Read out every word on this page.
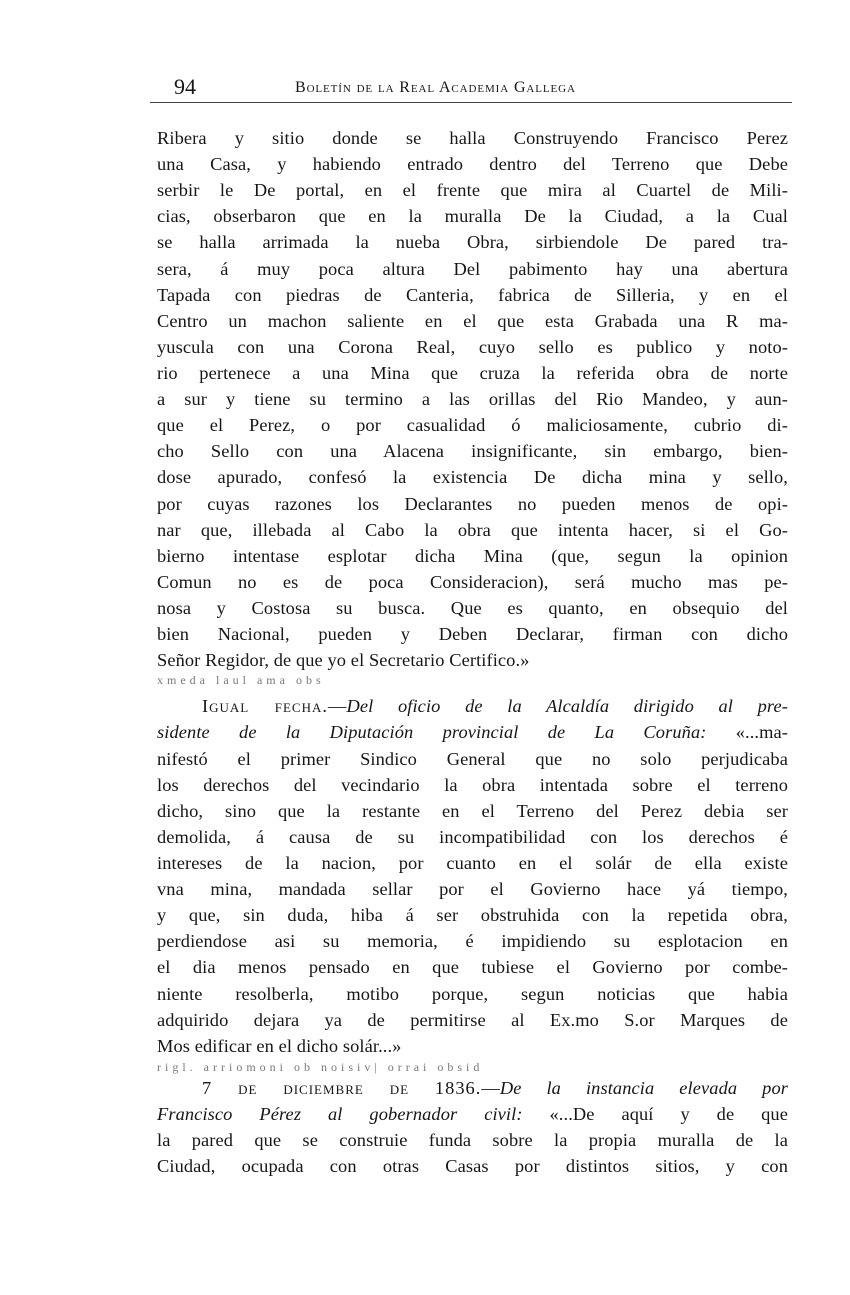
94	Boletín de la Real Academia Gallega
Ribera y sitio donde se halla Construyendo Francisco Perez
una Casa, y habiendo entrado dentro del Terreno que Debe
serbir le De portal, en el frente que mira al Cuartel de Mili-
cias, obserbaron que en la muralla De la Ciudad, a la Cual
se halla arrimada la nueba Obra, sirbiendole De pared tra-
sera, á muy poca altura Del pabimento hay una abertura
Tapada con piedras de Canteria, fabrica de Silleria, y en el
Centro un machon saliente en el que esta Grabada una R ma-
yuscula con una Corona Real, cuyo sello es publico y noto-
rio pertenece a una Mina que cruza la referida obra de norte
a sur y tiene su termino a las orillas del Rio Mandeo, y aun-
que el Perez, o por casualidad ó maliciosamente, cubrio di-
cho Sello con una Alacena insignificante, sin embargo, bien-
dose apurado, confesó la existencia De dicha mina y sello,
por cuyas razones los Declarantes no pueden menos de opi-
nar que, illebada al Cabo la obra que intenta hacer, si el Go-
bierno intentase esplotar dicha Mina (que, segun la opinion
Comun no es de poca Consideracion), será mucho mas pe-
nosa y Costosa su busca. Que es quanto, en obsequio del
bien Nacional, pueden y Deben Declarar, firman con dicho
Señor Regidor, de que yo el Secretario Certifico.»
xmeda laul ama obs
Igual fecha.—Del oficio de la Alcaldía dirigido al pre-
sidente de la Diputación provincial de La Coruña: «...ma-
nifestó el primer Sindico General que no solo perjudicaba
los derechos del vecindario la obra intentada sobre el terreno
dicho, sino que la restante en el Terreno del Perez debia ser
demolida, á causa de su incompatibilidad con los derechos é
intereses de la nacion, por cuanto en el solár de ella existe
vna mina, mandada sellar por el Govierno hace yá tiempo,
y que, sin duda, hiba á ser obstruhida con la repetida obra,
perdiendose asi su memoria, é impidiendo su esplotacion en
el dia menos pensado en que tubiese el Govierno por combe-
niente resolberla, motibo porque, segun noticias que habia
adquirido dejara ya de permitirse al Ex.mo S.or Marques de
Mos edificar en el dicho solár...»
rigl. arriomoni ob noisiv| orrai obsid
7 de diciembre de 1836.—De la instancia elevada por
Francisco Pérez al gobernador civil: «...De aquí y de que
la pared que se construie funda sobre la propia muralla de la
Ciudad, ocupada con otras Casas por distintos sitios, y con
